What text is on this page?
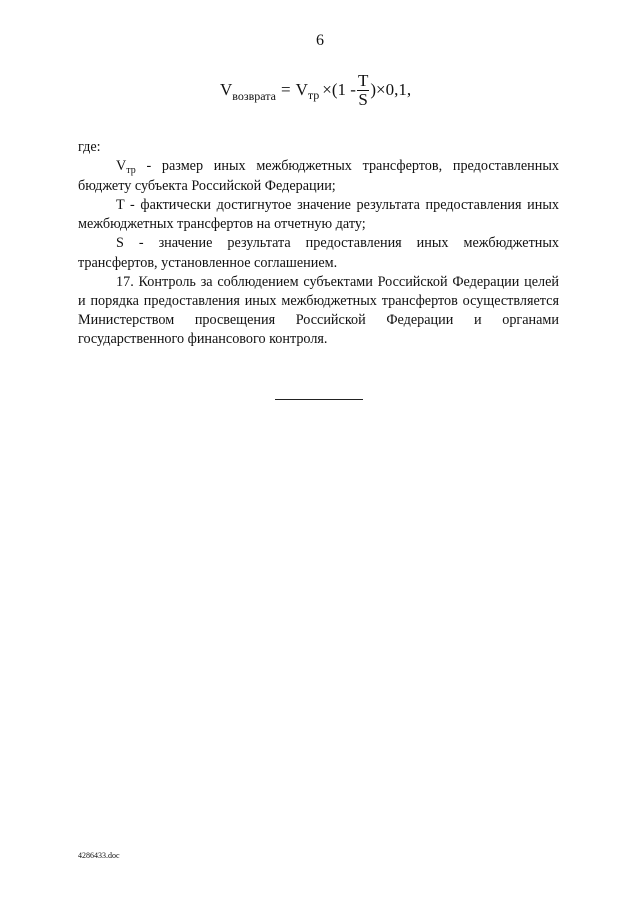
6
$V_{возврата} = V$ тр $\times(1 - \frac{T}{S} )\times 0,1$,

где:

$V_{тр}$ - размер иных межбюджетных трансфертов, предоставленных бюджету субъекта Российской Федерации;

T - фактически достигнутое значение результата предоставления иных межбюджетных трансфертов на отчетную дату;

S - значение результата предоставления иных межбюджетных трансфертов, установленное соглашением.

17. Контроль за соблюдением субъектами Российской Федерации целей и порядка предоставления иных межбюджетных трансфертов осуществляется Министерством просвещения Российской Федерации и органами государственного финансового контроля.

4286433.doc
